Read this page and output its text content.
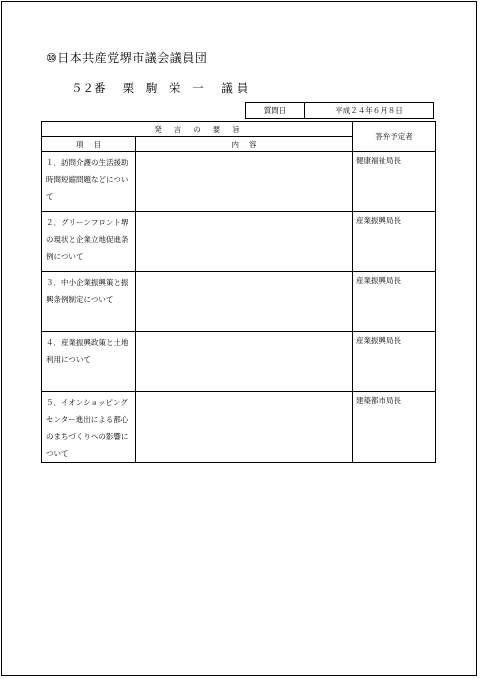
⑩日本共産党堺市議会議員団
５２番 栗 駒 栄 一 議員
質問日	平成２４年６月８日
発言の要旨		答弁予定者
項目	内容	
１．訪問介護の生活援助時間短縮問題などについて		健康福祉局長
２．グリーンフロント堺の現状と企業立地促進条例について		産業振興局長
３．中小企業振興策と振興条例制定について		産業振興局長
４．産業振興政策と土地利用について		産業振興局長
５．イオンショッピングセンター進出による都心のまちづくりへの影響について		建築都市局長
